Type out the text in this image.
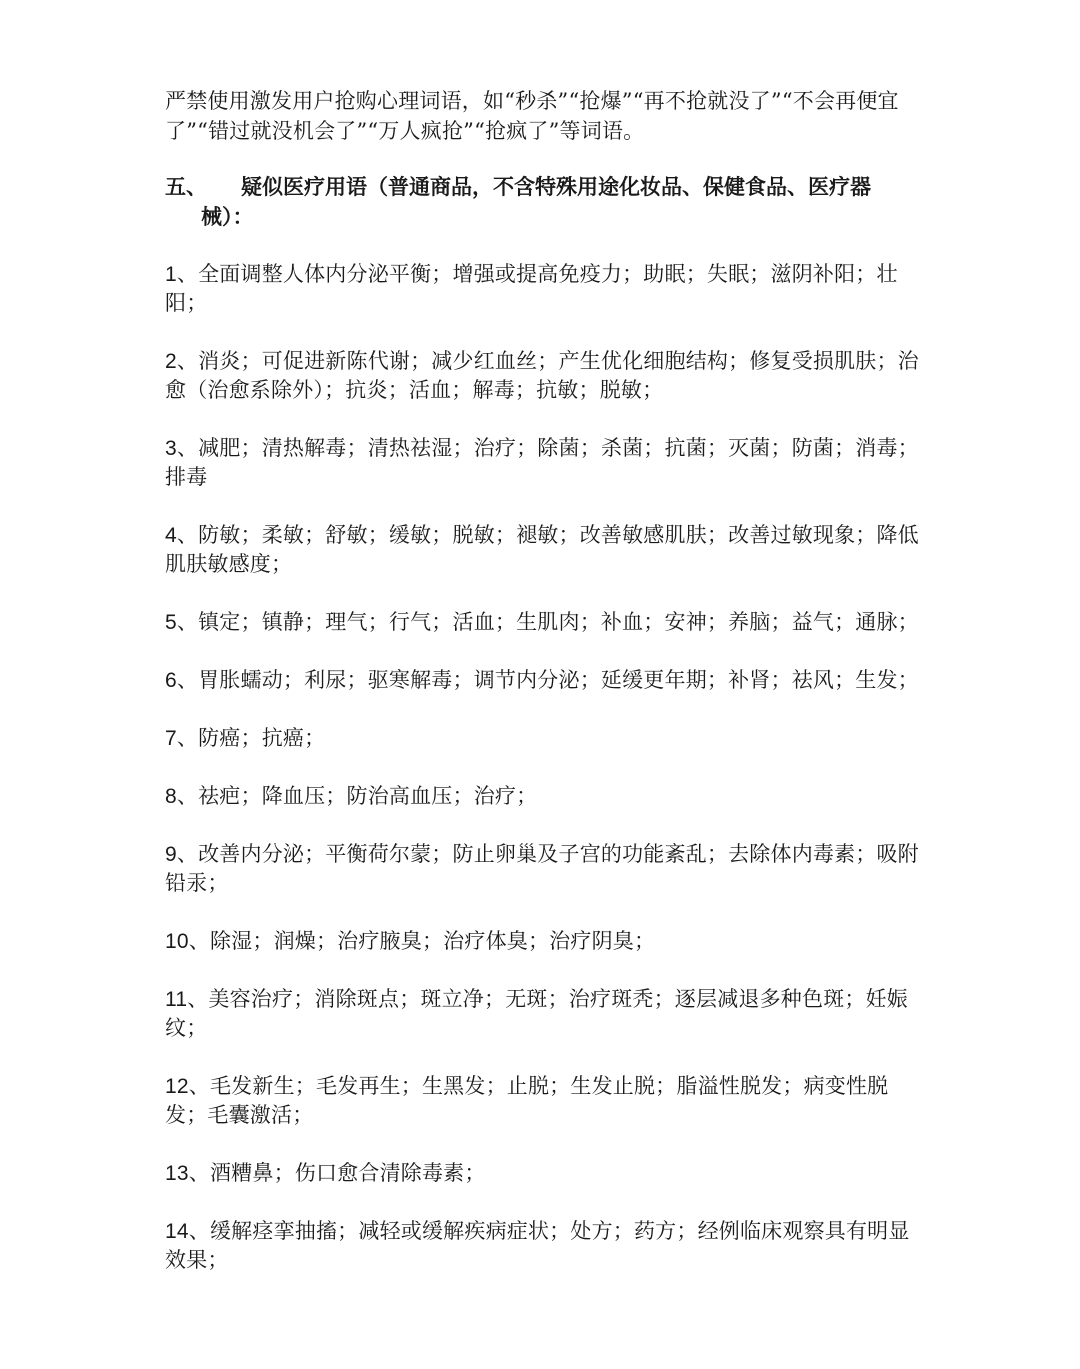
严禁使用激发用户抢购心理词语，如“秒杀”“抢爆”“再不抢就没了”“不会再便宜了”“错过就没机会了”“万人疯抢”“抢疯了”等词语。

五、 疑似医疗用语（普通商品，不含特殊用途化妆品、保健食品、医疗器
械）：
1、全面调整人体内分泌平衡；增强或提高免疫力；助眠；失眠；滋阴补阳；壮阳；
2、消炎；可促进新陈代谢；减少红血丝；产生优化细胞结构；修复受损肌肤；治愈（治愈系除外）；抗炎；活血；解毒；抗敏；脱敏；
3、减肥；清热解毒；清热祛湿；治疗；除菌；杀菌；抗菌；灭菌；防菌；消毒；排毒
4、防敏；柔敏；舒敏；缓敏；脱敏；褪敏；改善敏感肌肤；改善过敏现象；降低肌肤敏感度；
5、镇定；镇静；理气；行气；活血；生肌肉；补血；安神；养脑；益气；通脉；
6、胃胀蠕动；利尿；驱寒解毒；调节内分泌；延缓更年期；补肾；祛风；生发；
7、防癌；抗癌；
8、祛疤；降血压；防治高血压；治疗；
9、改善内分泌；平衡荷尔蒙；防止卵巢及子宫的功能紊乱；去除体内毒素；吸附铅汞；
10、除湿；润燥；治疗腋臭；治疗体臭；治疗阴臭；
11、美容治疗；消除斑点；斑立净；无斑；治疗斑秃；逐层减退多种色斑；妊娠纹；
12、毛发新生；毛发再生；生黑发；止脱；生发止脱；脂溢性脱发；病变性脱发；毛囊激活；
13、酒糟鼻；伤口愈合清除毒素；
14、缓解痉挛抽搐；减轻或缓解疾病症状；处方；药方；经例临床观察具有明显效果；
